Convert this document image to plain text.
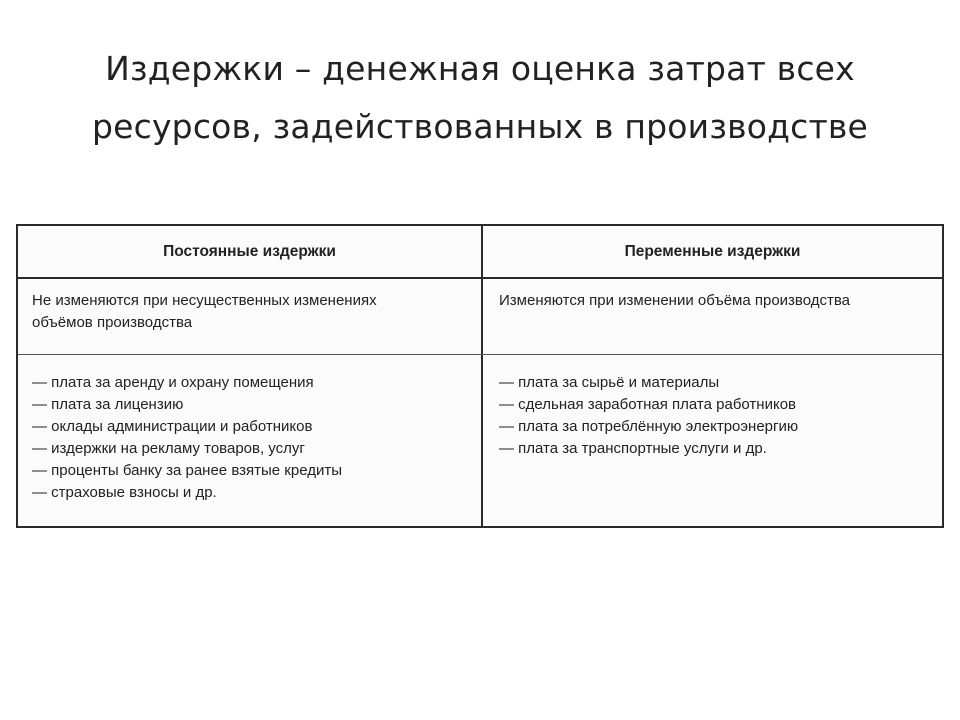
Издержки – денежная оценка затрат всех
ресурсов, задействованных в производстве
Постоянные издержки	Переменные издержки
Не изменяются при несущественных изменениях
объёмов производства
Изменяются при изменении объёма производства
— плата за аренду и охрану помещения
— плата за лицензию
— оклады администрации и работников
— издержки на рекламу товаров, услуг
— проценты банку за ранее взятые кредиты
— страховые взносы и др.
— плата за сырьё и материалы
— сдельная заработная плата работников
— плата за потреблённую электроэнергию
— плата за транспортные услуги и др.
